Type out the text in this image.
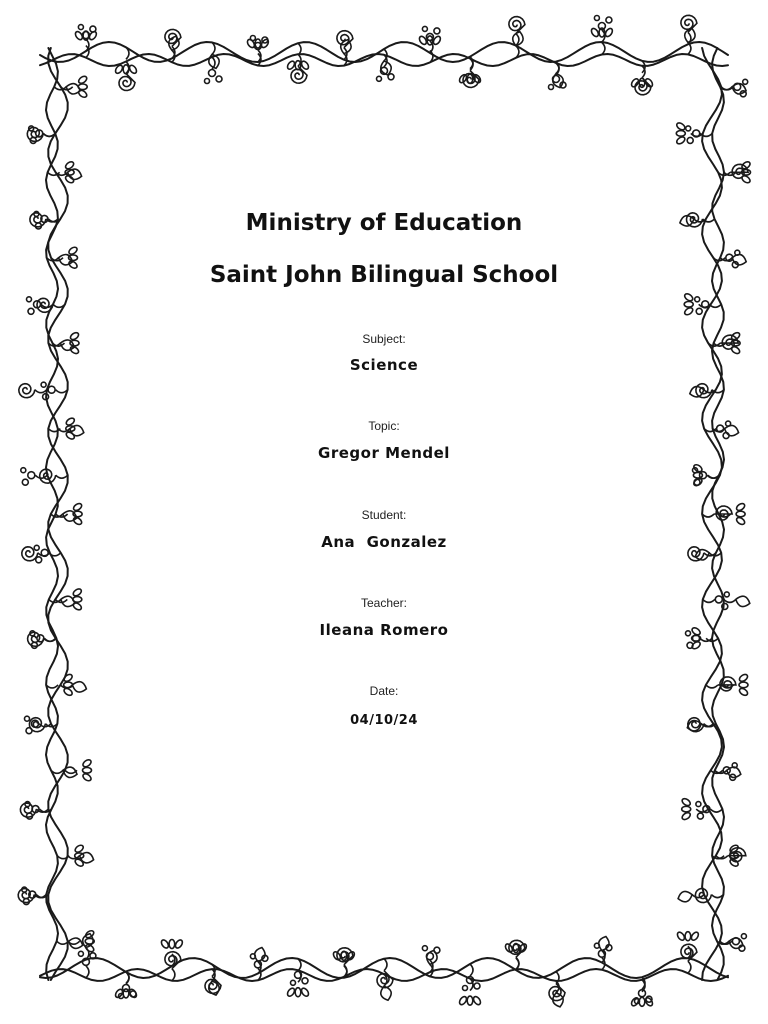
Ministry of Education
Saint John Bilingual School
Subject:
Science
Topic:
Gregor Mendel
Student:
Ana  Gonzalez
Teacher:
Ileana Romero
Date:
04/10/24
